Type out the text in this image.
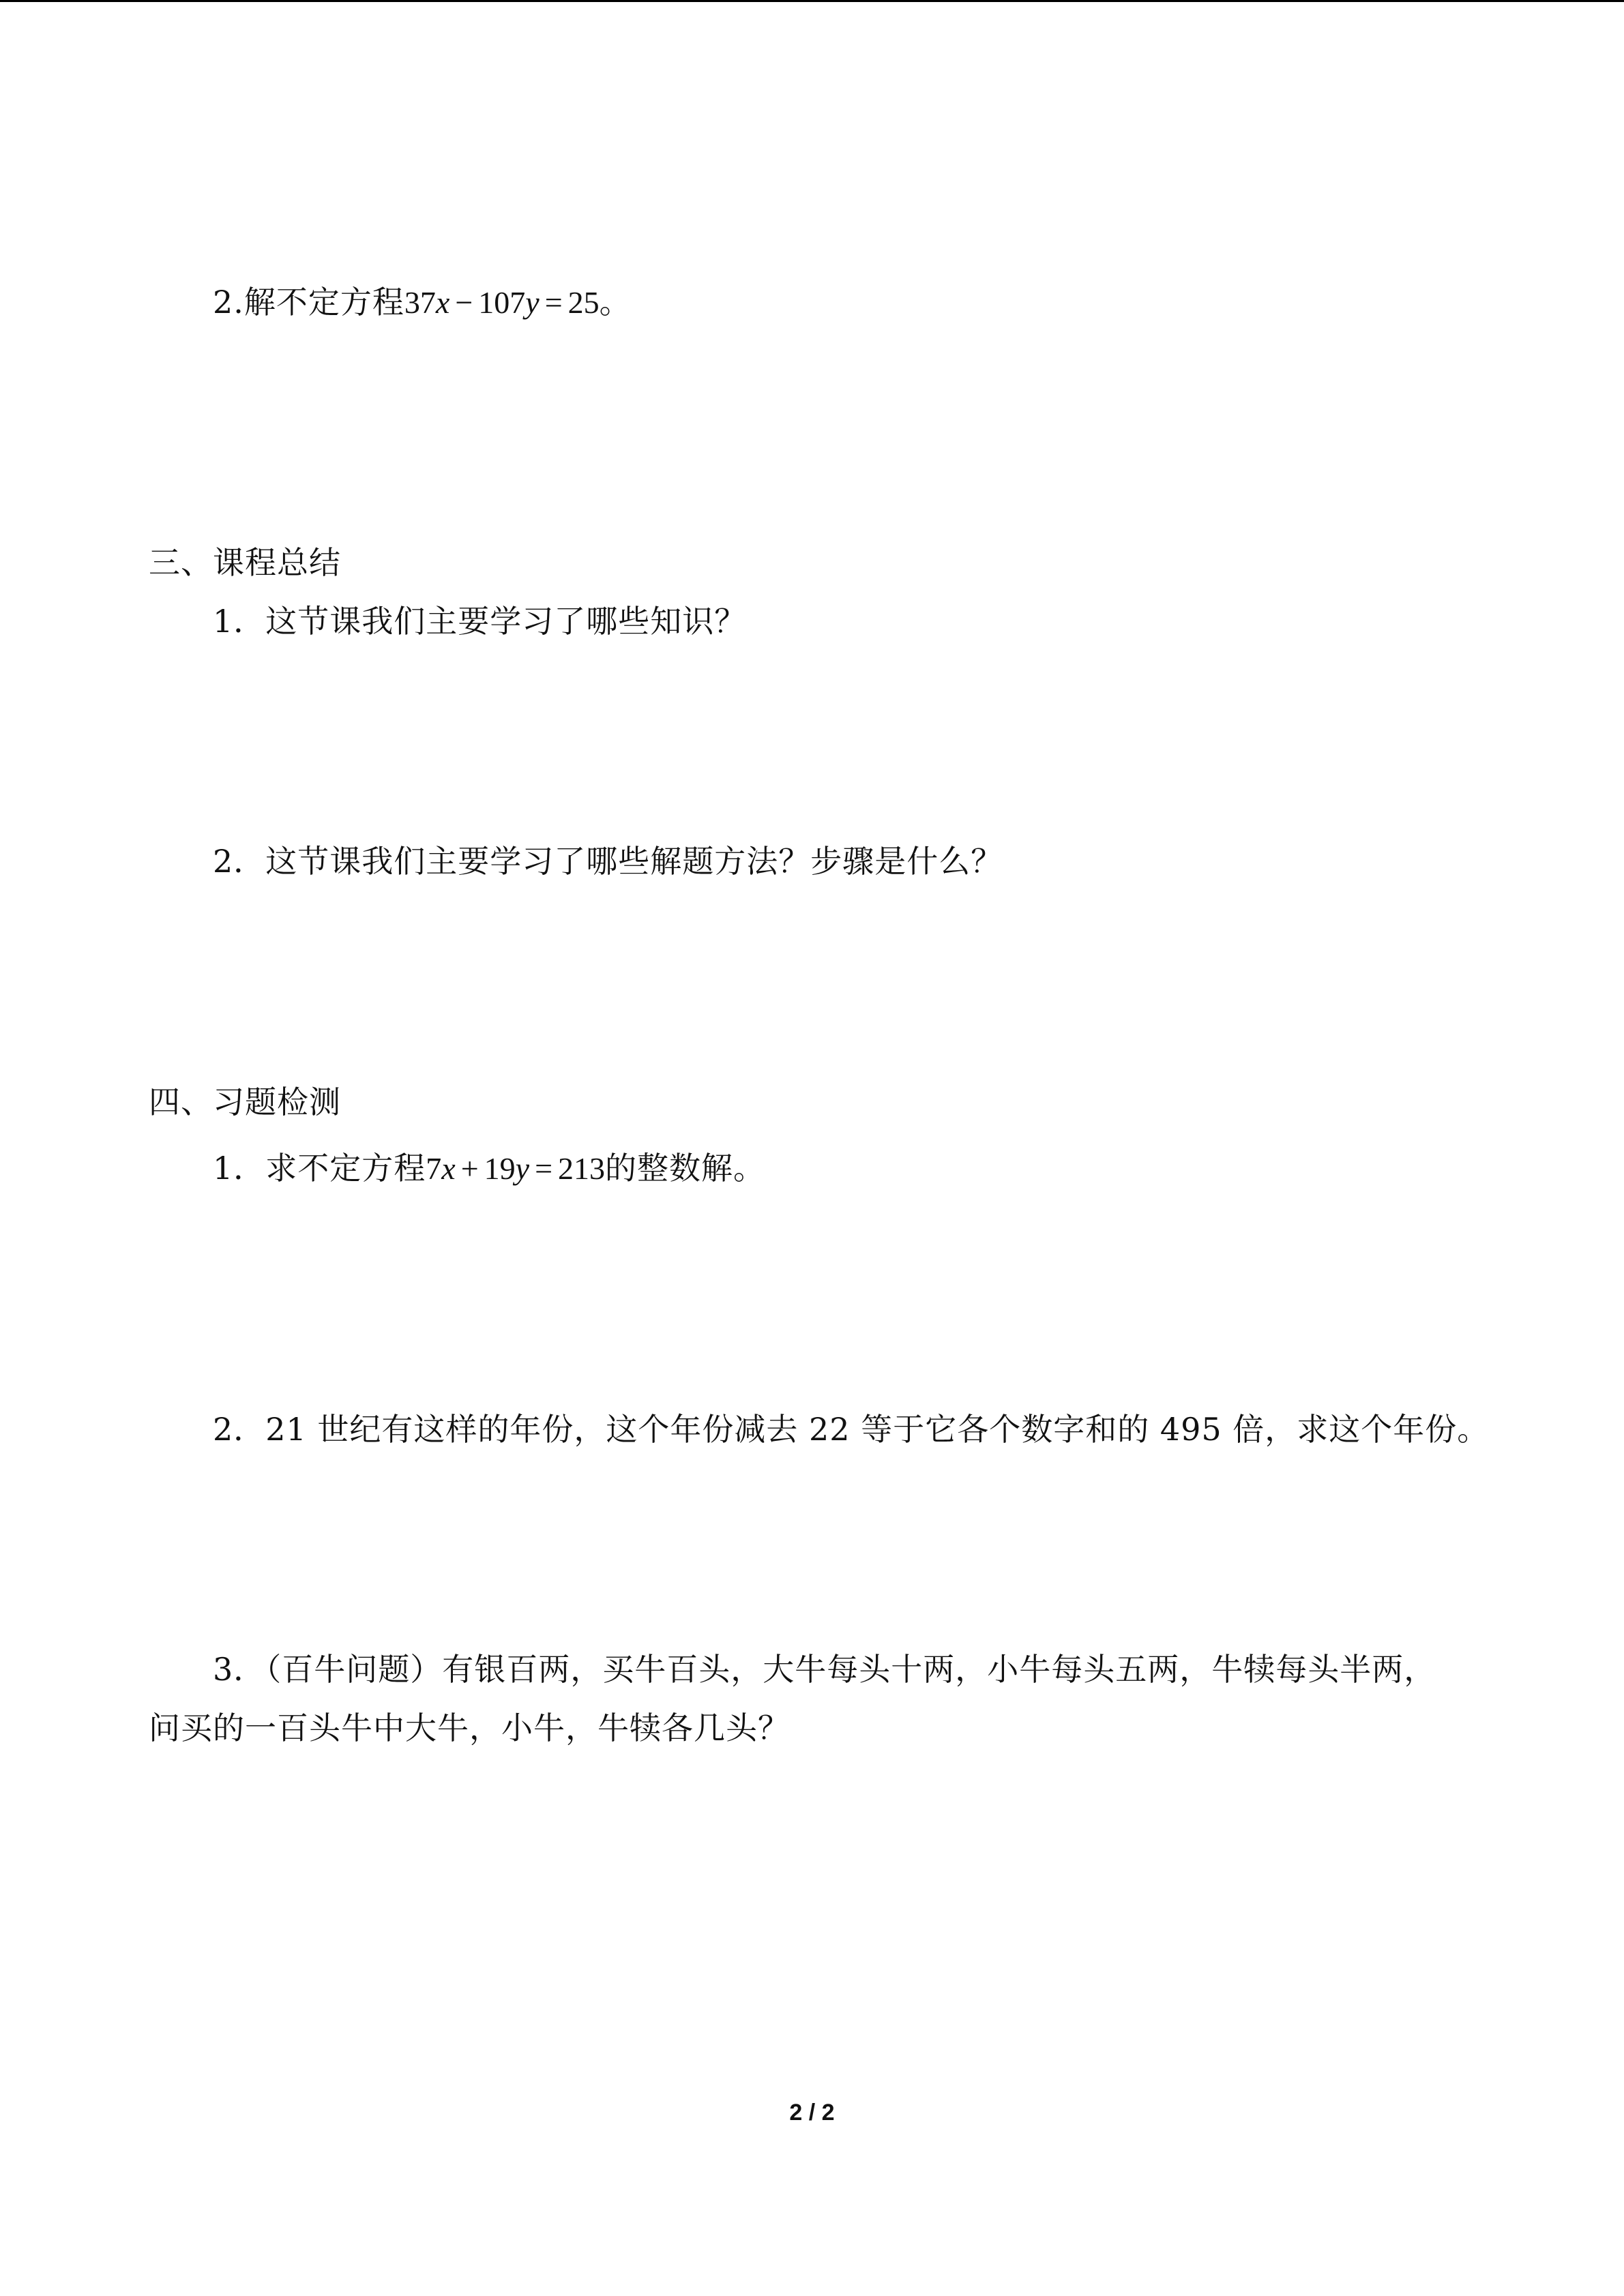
2.解不定方程37x − 107y = 25。
三、课程总结
1．这节课我们主要学习了哪些知识？
2．这节课我们主要学习了哪些解题方法？步骤是什么？
四、习题检测
1．求不定方程7x + 19y = 213的整数解。
2．21 世纪有这样的年份，这个年份减去 22 等于它各个数字和的 495 倍，求这个年份。
3．（百牛问题）有银百两，买牛百头，大牛每头十两，小牛每头五两，牛犊每头半两，
问买的一百头牛中大牛，小牛，牛犊各几头？
2 / 2
